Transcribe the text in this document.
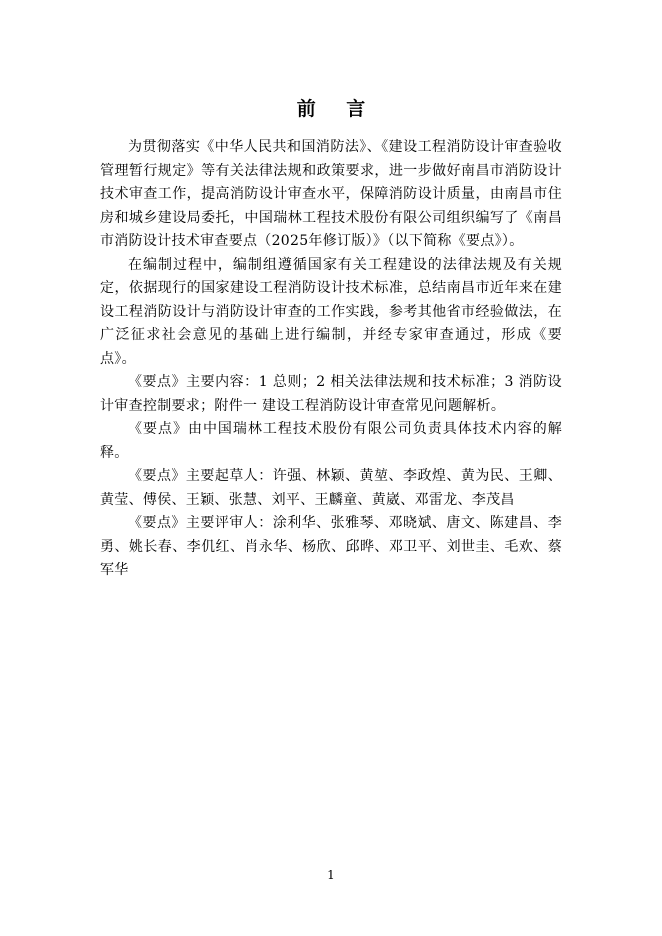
前 言

为贯彻落实《中华人民共和国消防法》、《建设工程消防设计审查验收管理暂行规定》等有关法律法规和政策要求，进一步做好南昌市消防设计技术审查工作，提高消防设计审查水平，保障消防设计质量，由南昌市住房和城乡建设局委托，中国瑞林工程技术股份有限公司组织编写了《南昌市消防设计技术审查要点（2025年修订版）》（以下简称《要点》）。

在编制过程中，编制组遵循国家有关工程建设的法律法规及有关规定，依据现行的国家建设工程消防设计技术标准，总结南昌市近年来在建设工程消防设计与消防设计审查的工作实践，参考其他省市经验做法，在广泛征求社会意见的基础上进行编制，并经专家审查通过，形成《要点》。

《要点》主要内容：1 总则；2 相关法律法规和技术标准；3 消防设计审查控制要求；附件一 建设工程消防设计审查常见问题解析。

《要点》由中国瑞林工程技术股份有限公司负责具体技术内容的解释。

《要点》主要起草人：许强、林颖、黄堃、李政煌、黄为民、王卿、黄莹、傅侯、王颖、张慧、刘平、王麟童、黄崴、邓雷龙、李茂昌

《要点》主要评审人：涂利华、张雅琴、邓晓斌、唐文、陈建昌、李勇、姚长春、李仉红、肖永华、杨欣、邱晔、邓卫平、刘世圭、毛欢、蔡军华

1
